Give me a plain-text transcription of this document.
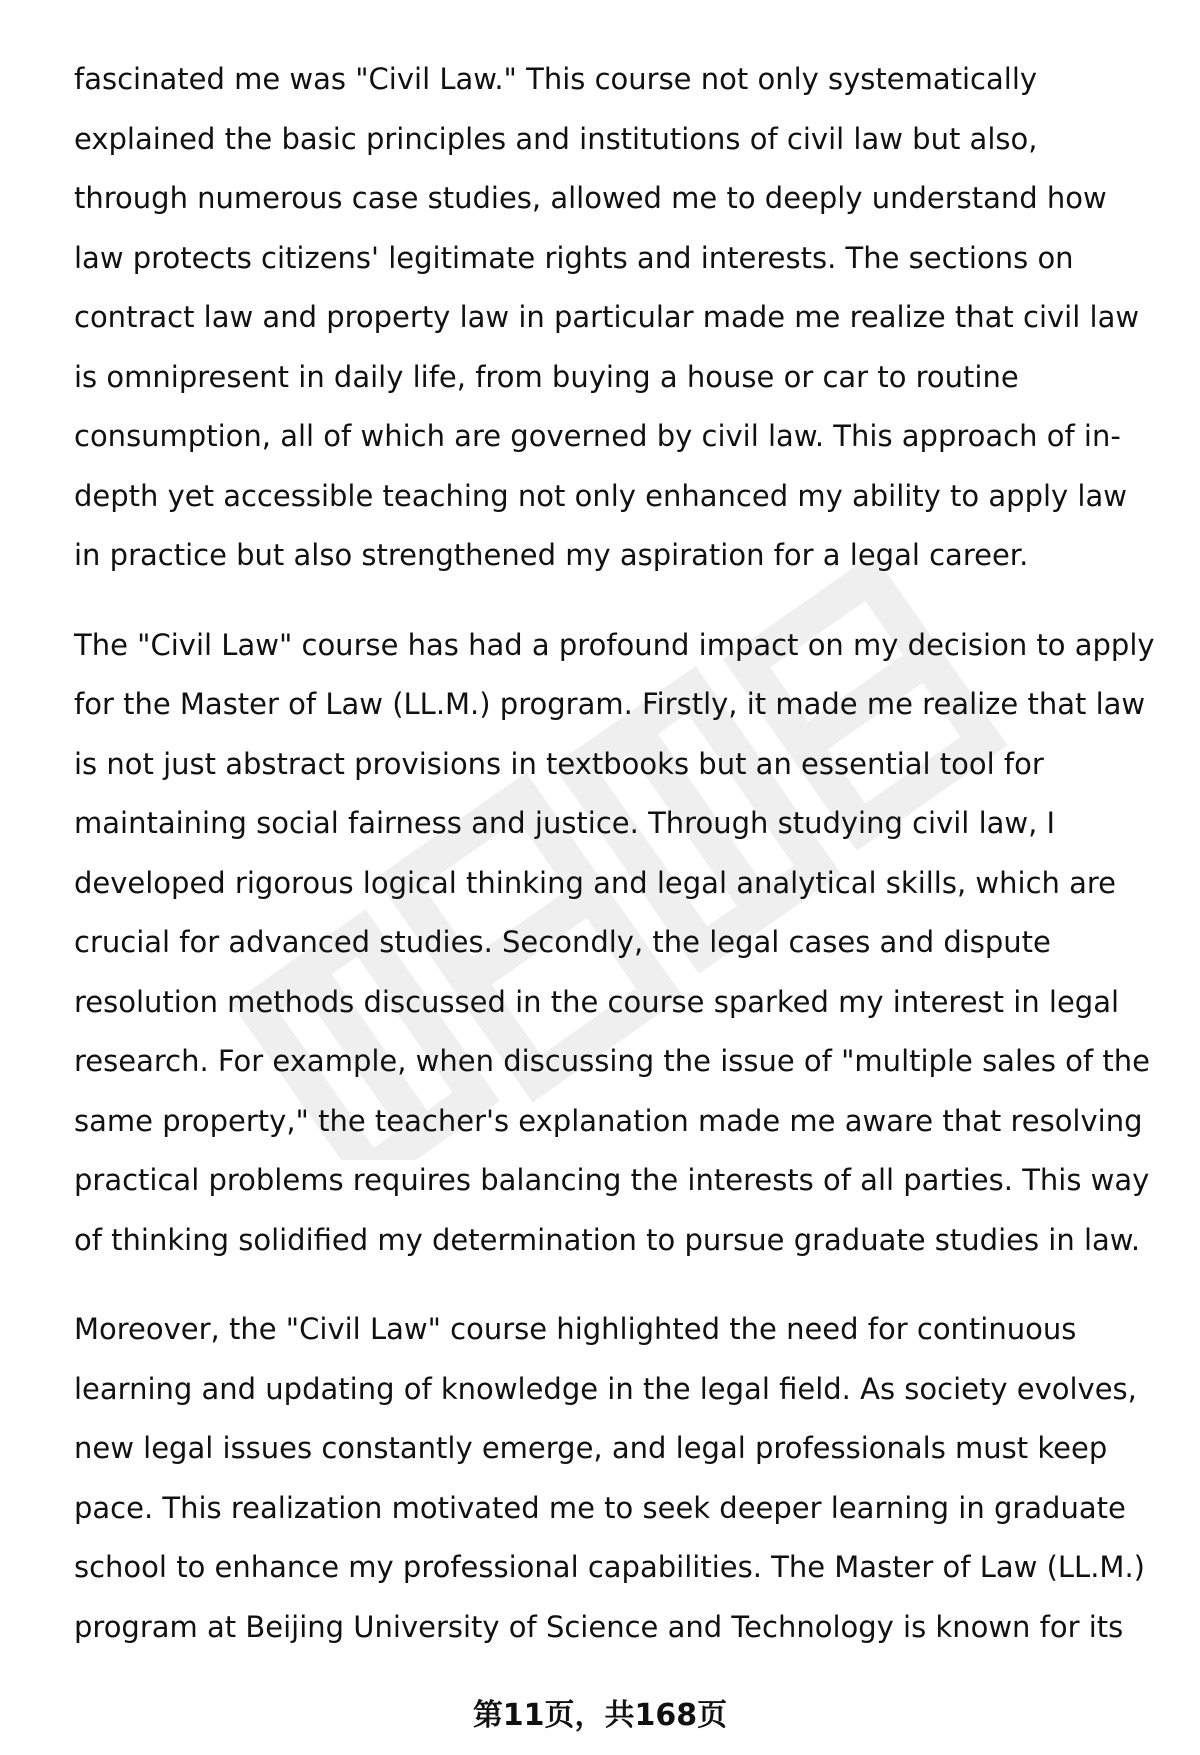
fascinated me was "Civil Law." This course not only systematically explained the basic principles and institutions of civil law but also, through numerous case studies, allowed me to deeply understand how law protects citizens' legitimate rights and interests. The sections on contract law and property law in particular made me realize that civil law is omnipresent in daily life, from buying a house or car to routine consumption, all of which are governed by civil law. This approach of in-depth yet accessible teaching not only enhanced my ability to apply law in practice but also strengthened my aspiration for a legal career.

The "Civil Law" course has had a profound impact on my decision to apply for the Master of Law (LL.M.) program. Firstly, it made me realize that law is not just abstract provisions in textbooks but an essential tool for maintaining social fairness and justice. Through studying civil law, I developed rigorous logical thinking and legal analytical skills, which are crucial for advanced studies. Secondly, the legal cases and dispute resolution methods discussed in the course sparked my interest in legal research. For example, when discussing the issue of "multiple sales of the same property," the teacher's explanation made me aware that resolving practical problems requires balancing the interests of all parties. This way of thinking solidified my determination to pursue graduate studies in law.

Moreover, the "Civil Law" course highlighted the need for continuous learning and updating of knowledge in the legal field. As society evolves, new legal issues constantly emerge, and legal professionals must keep pace. This realization motivated me to seek deeper learning in graduate school to enhance my professional capabilities. The Master of Law (LL.M.) program at Beijing University of Science and Technology is known for its

第11页，共168页
